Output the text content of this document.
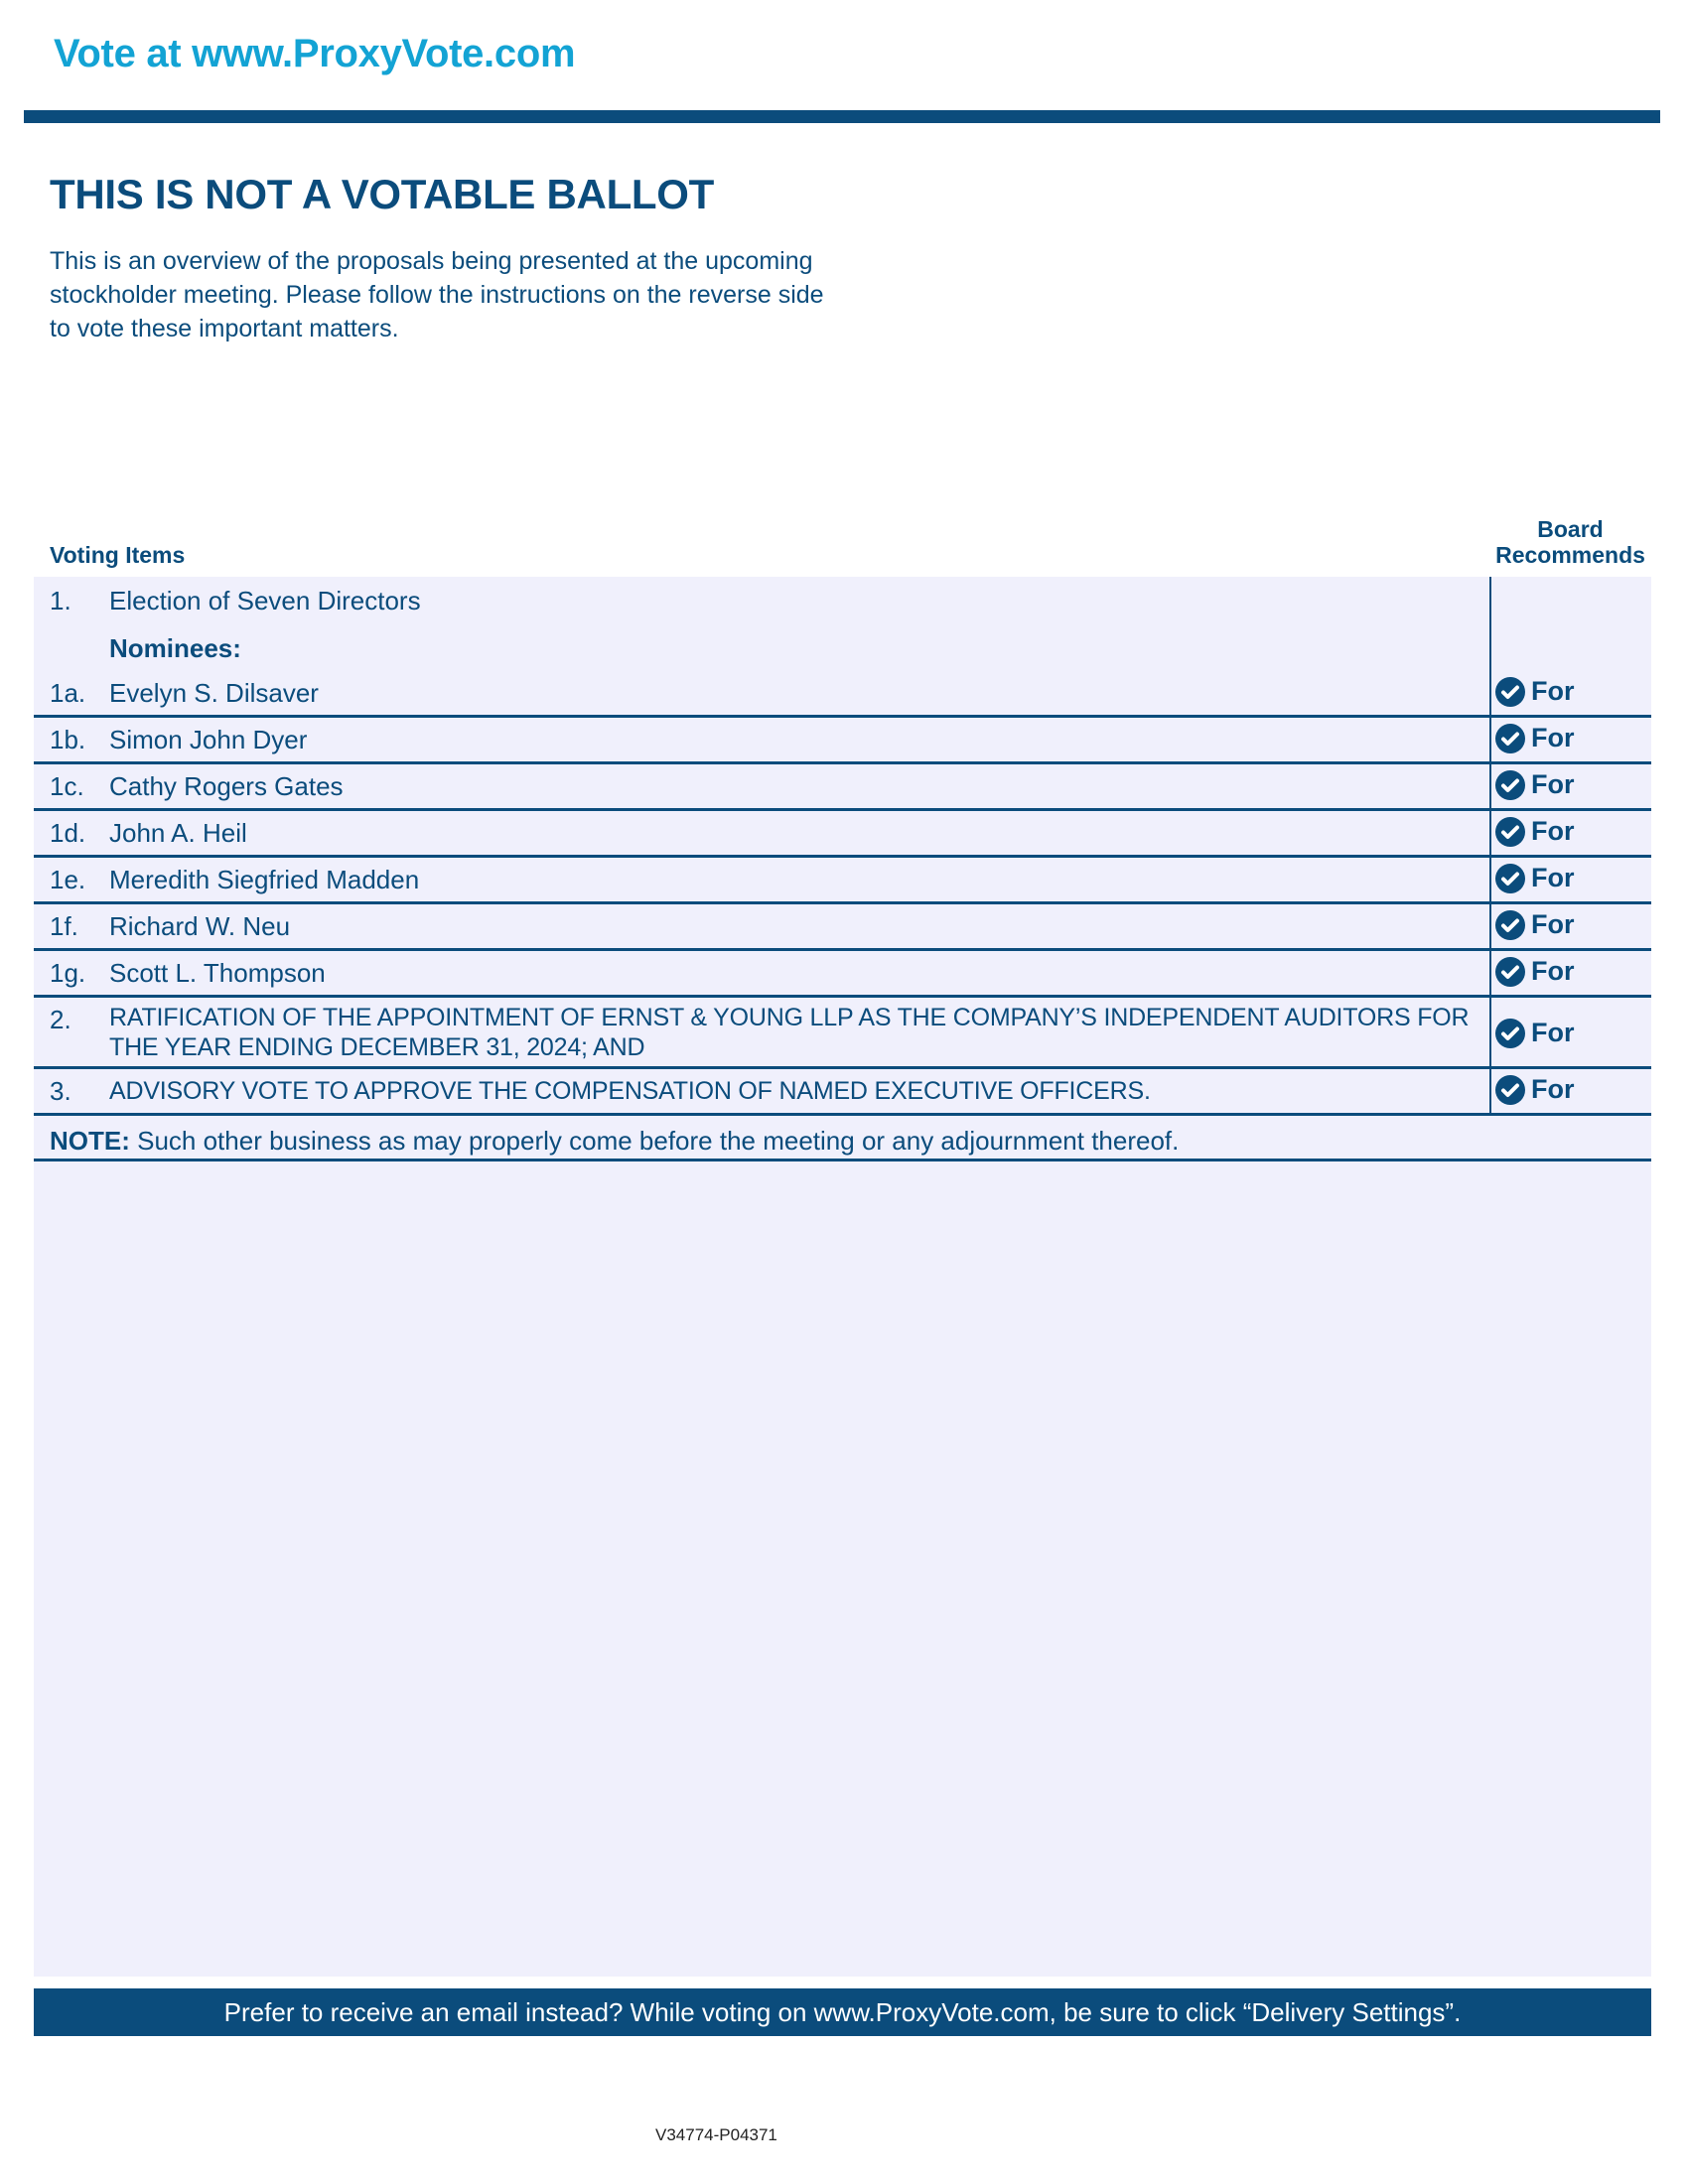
Vote at www.ProxyVote.com
THIS IS NOT A VOTABLE BALLOT
This is an overview of the proposals being presented at the upcoming stockholder meeting. Please follow the instructions on the reverse side to vote these important matters.
Voting Items
Board
Recommends
1. Election of Seven Directors
Nominees:
1a. Evelyn S. Dilsaver	For
1b. Simon John Dyer	For
1c. Cathy Rogers Gates	For
1d. John A. Heil	For
1e. Meredith Siegfried Madden	For
1f. Richard W. Neu	For
1g. Scott L. Thompson	For
2. RATIFICATION OF THE APPOINTMENT OF ERNST & YOUNG LLP AS THE COMPANY’S INDEPENDENT AUDITORS FOR THE YEAR ENDING DECEMBER 31, 2024; AND	For
3. ADVISORY VOTE TO APPROVE THE COMPENSATION OF NAMED EXECUTIVE OFFICERS.	For
NOTE: Such other business as may properly come before the meeting or any adjournment thereof.
Prefer to receive an email instead? While voting on www.ProxyVote.com, be sure to click “Delivery Settings”.
V34774-P04371
